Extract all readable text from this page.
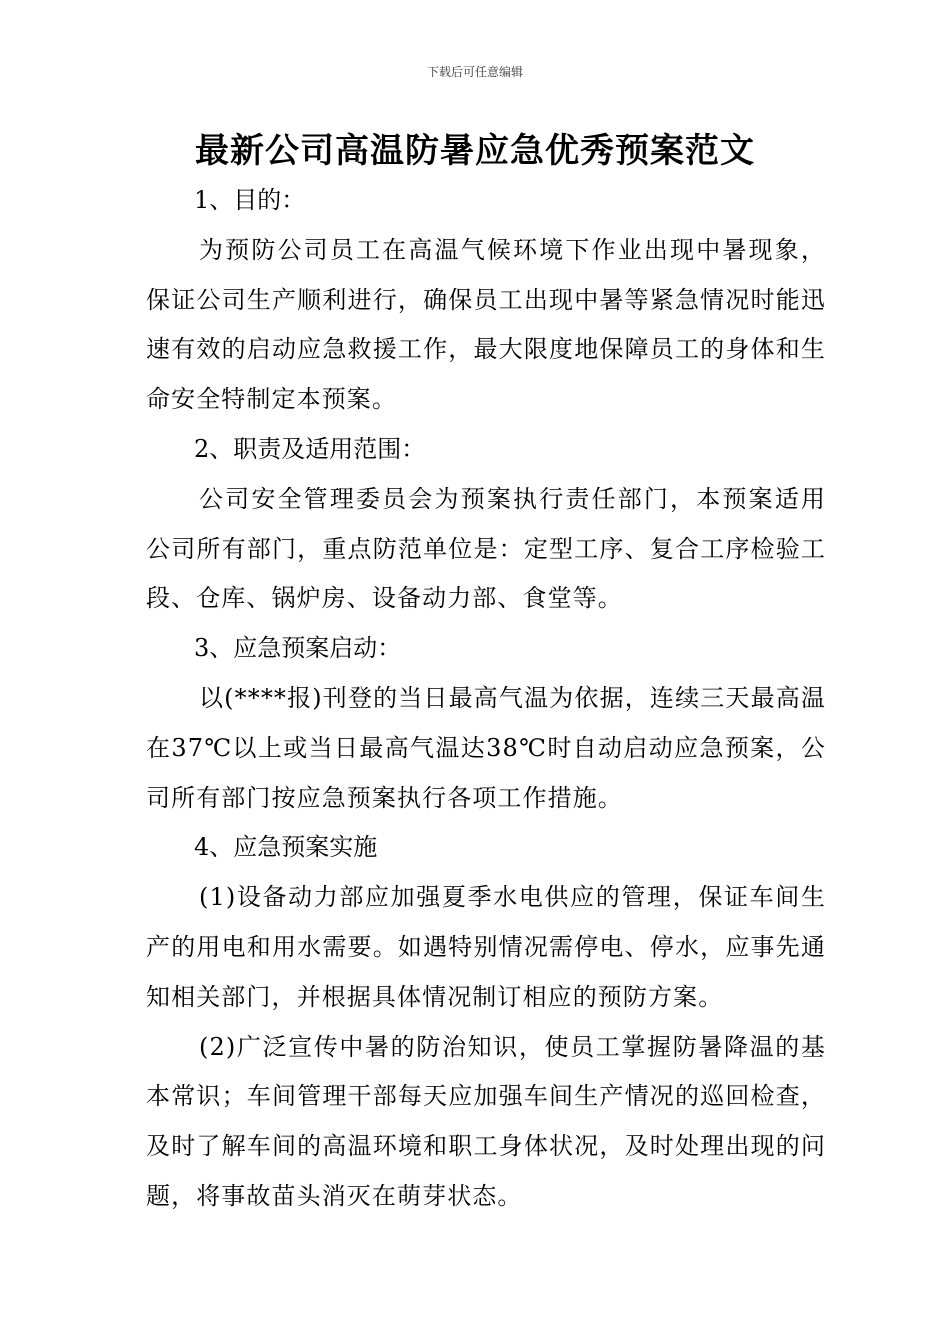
下载后可任意编辑
最新公司高温防暑应急优秀预案范文

1、目的：

为预防公司员工在高温气候环境下作业出现中暑现象，保证公司生产顺利进行，确保员工出现中暑等紧急情况时能迅速有效的启动应急救援工作，最大限度地保障员工的身体和生命安全特制定本预案。

2、职责及适用范围：

公司安全管理委员会为预案执行责任部门，本预案适用公司所有部门，重点防范单位是：定型工序、复合工序检验工段、仓库、锅炉房、设备动力部、食堂等。

3、应急预案启动：

以(****报)刊登的当日最高气温为依据，连续三天最高温在37℃以上或当日最高气温达38℃时自动启动应急预案，公司所有部门按应急预案执行各项工作措施。

4、应急预案实施

(1)设备动力部应加强夏季水电供应的管理，保证车间生产的用电和用水需要。如遇特别情况需停电、停水，应事先通知相关部门，并根据具体情况制订相应的预防方案。

(2)广泛宣传中暑的防治知识，使员工掌握防暑降温的基本常识；车间管理干部每天应加强车间生产情况的巡回检查，及时了解车间的高温环境和职工身体状况，及时处理出现的问题，将事故苗头消灭在萌芽状态。
